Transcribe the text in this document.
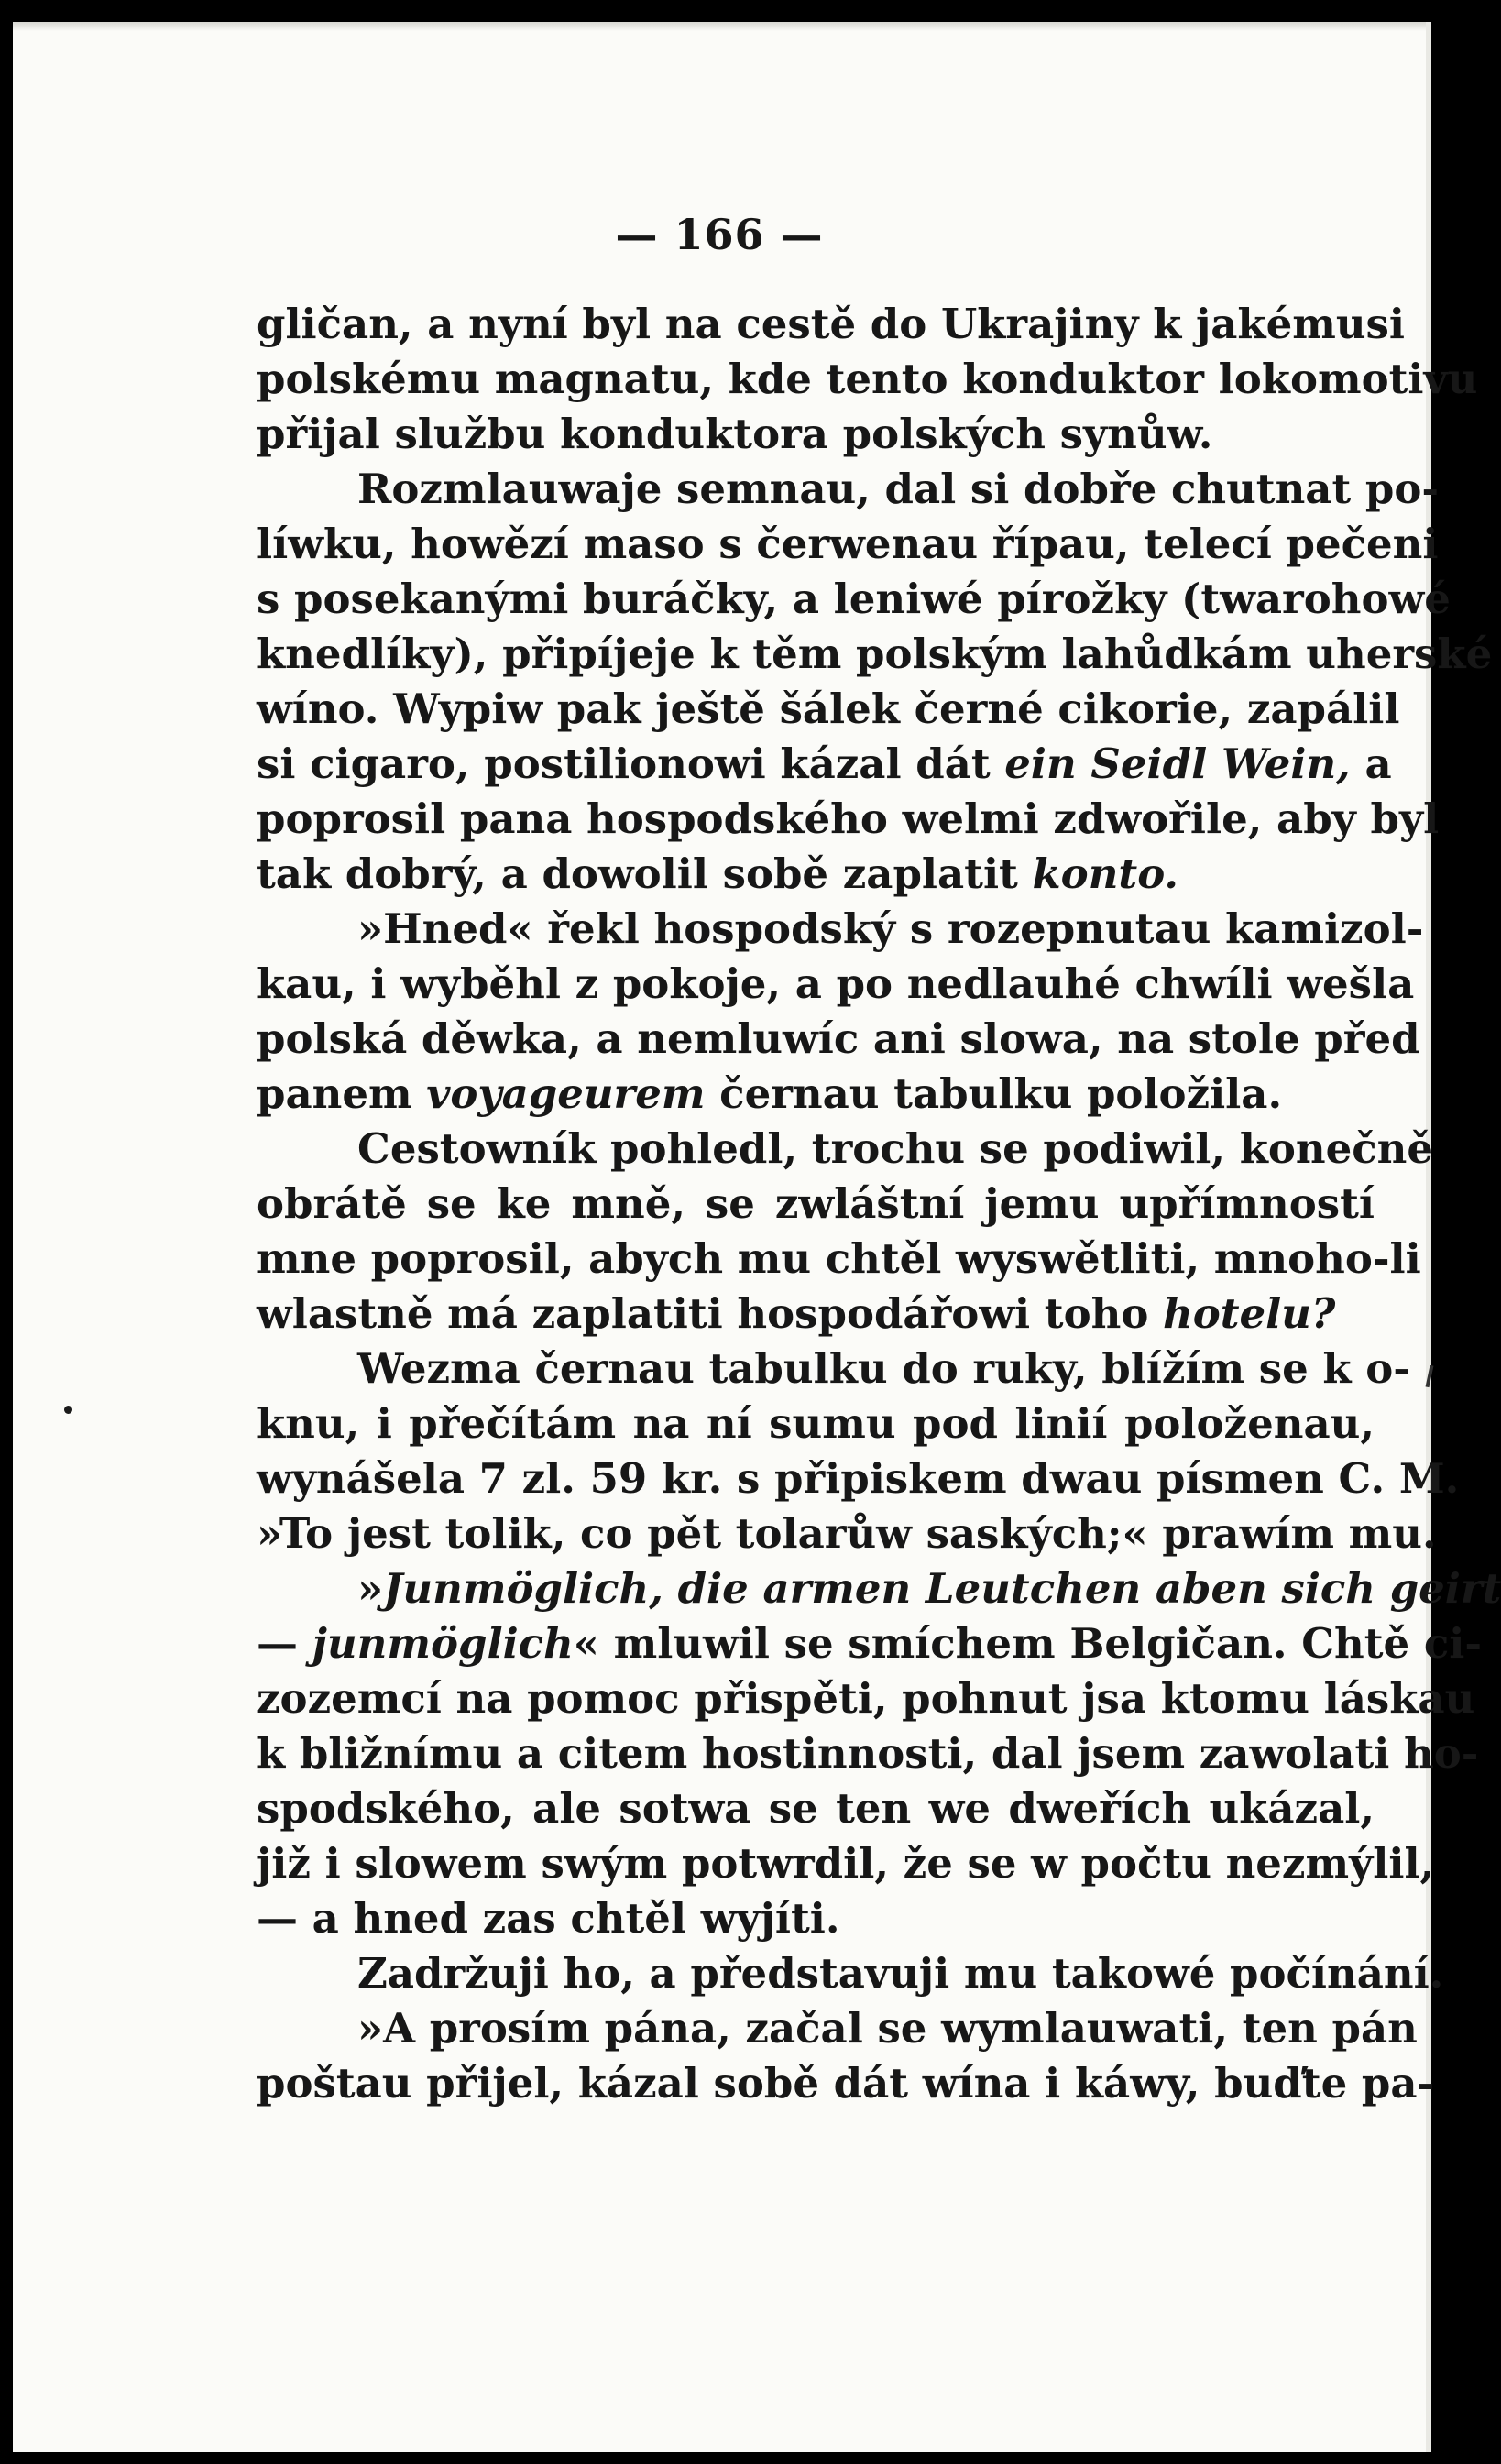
— 166 —
gličan, a nyní byl na cestě do Ukrajiny k jakémusi
polskému magnatu, kde tento konduktor lokomotivu
přijal službu konduktora polských synůw.
Rozmlauwaje semnau, dal si dobře chutnat po-
líwku, howězí maso s čerwenau řípau, telecí pečeni
s posekanými buráčky, a leniwé pírožky (twarohowé
knedlíky), připíjeje k těm polským lahůdkám uherské
wíno. Wypiw pak ještě šálek černé cikorie, zapálil
si cigaro, postilionowi kázal dát ein Seidl Wein, a
poprosil pana hospodského welmi zdwořile, aby byl
tak dobrý, a dowolil sobě zaplatit konto.
»Hned« řekl hospodský s rozepnutau kamizol-
kau, i wyběhl z pokoje, a po nedlauhé chwíli wešla
polská děwka, a nemluwíc ani slowa, na stole před
panem voyageurem černau tabulku položila.
Cestowník pohledl, trochu se podiwil, konečně
obrátě se ke mně, se zwláštní jemu upřímností
mne poprosil, abych mu chtěl wyswětliti, mnoho-li
wlastně má zaplatiti hospodářowi toho hotelu?
Wezma černau tabulku do ruky, blížím se k o-
knu, i přečítám na ní sumu pod linií položenau,
wynášela 7 zl. 59 kr. s připiskem dwau písmen C. M.
»To jest tolik, co pět tolarůw saských;« prawím mu.
»Junmöglich, die armen Leutchen aben sich geirt
— junmöglich« mluwil se smíchem Belgičan. Chtě ci-
zozemcí na pomoc přispěti, pohnut jsa ktomu láskau
k bližnímu a citem hostinnosti, dal jsem zawolati ho-
spodského, ale sotwa se ten we dweřích ukázal,
již i slowem swým potwrdil, že se w počtu nezmýlil,
— a hned zas chtěl wyjíti.
Zadržuji ho, a představuji mu takowé počínání.
»A prosím pána, začal se wymlauwati, ten pán
poštau přijel, kázal sobě dát wína i káwy, buďte pa-
